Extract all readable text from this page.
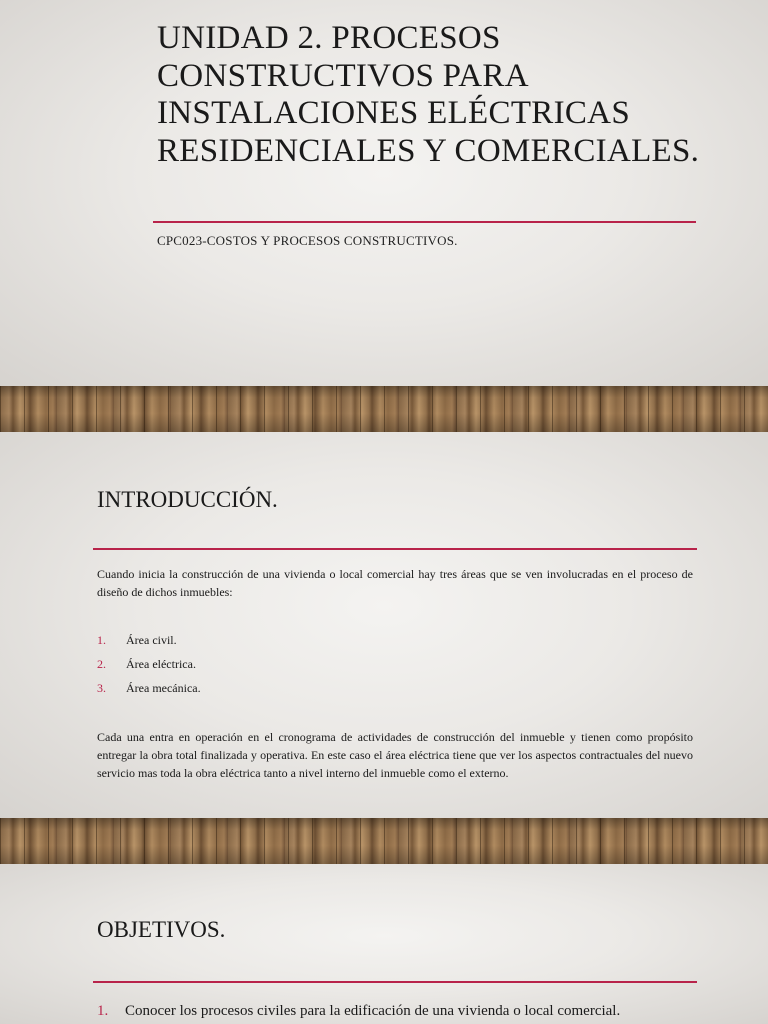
UNIDAD 2. PROCESOS CONSTRUCTIVOS PARA INSTALACIONES ELÉCTRICAS RESIDENCIALES Y COMERCIALES.
CPC023-COSTOS Y PROCESOS CONSTRUCTIVOS.
INTRODUCCIÓN.

Cuando inicia la construcción de una vivienda o local comercial hay tres áreas que se ven involucradas en el proceso de diseño de dichos inmuebles:

1.	Área civil.
2.	Área eléctrica.
3.	Área mecánica.

Cada una entra en operación en el cronograma de actividades de construcción del inmueble y tienen como propósito entregar la obra total finalizada y operativa. En este caso el área eléctrica tiene que ver los aspectos contractuales del nuevo servicio mas toda la obra eléctrica tanto a nivel interno del inmueble como el externo.

OBJETIVOS.
1.	Conocer los procesos civiles para la edificación de una vivienda o local comercial.
